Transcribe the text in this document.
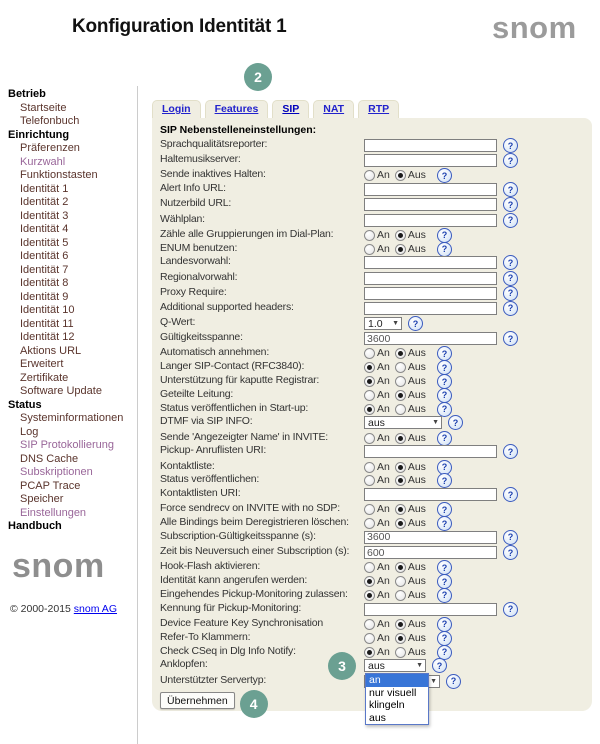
Konfiguration Identität 1	snom
2
Betrieb
Startseite
Telefonbuch
Einrichtung
Präferenzen
Kurzwahl
Funktionstasten
Identität 1
Identität 2
Identität 3
Identität 4
Identität 5
Identität 6
Identität 7
Identität 8
Identität 9
Identität 10
Identität 11
Identität 12
Aktions URL
Erweitert
Zertifikate
Software Update
Status
Systeminformationen
Log
SIP Protokollierung
DNS Cache
Subskriptionen
PCAP Trace
Speicher
Einstellungen
Handbuch
snom
© 2000-2015 snom AG
Login Features SIP NAT RTP
SIP Nebenstelleneinstellungen:
Sprachqualitätsreporter:	?
Haltemusikserver:	?
Sende inaktives Halten:	An Aus	?
Alert Info URL:	?
Nutzerbild URL:	?
Wählplan:	?
Zähle alle Gruppierungen im Dial-Plan:	An Aus	?
ENUM benutzen:	An Aus	?
Landesvorwahl:	?
Regionalvorwahl:	?
Proxy Require:	?
Additional supported headers:	?
Q-Wert:	1.0	▼	?
Gültigkeitsspanne:
3600	?
Automatisch annehmen:	An Aus	?
Langer SIP-Contact (RFC3840):	An Aus	?
Unterstützung für kaputte Registrar:	An Aus	?
Geteilte Leitung:	An Aus	?
Status veröffentlichen in Start-up:	An Aus	?
DTMF via SIP INFO:	aus	▼	?
Sende 'Angezeigter Name' in INVITE:	An Aus	?
Pickup- Anruflisten URI:	?
Kontaktliste:	An Aus	?
Status veröffentlichen:	An Aus	?
Kontaktlisten URI:	?
Force sendrecv on INVITE with no SDP:	An Aus	?
Alle Bindings beim Deregistrieren löschen:	An Aus	?
Subscription-Gültigkeitsspanne (s):
3600	?
Zeit bis Neuversuch einer Subscription (s):
600	?
Hook-Flash aktivieren:	An Aus	?
Identität kann angerufen werden:	An Aus	?
Eingehendes Pickup-Monitoring zulassen:	An Aus	?
Kennung für Pickup-Monitoring:	?
Device Feature Key Synchronisation	An Aus	?
Refer-To Klammern:	An Aus	?
Check CSeq in Dlg Info Notify:	An Aus	?
Anklopfen:	aus	▼
3
an
nur visuell
klingeln
aus
?
Unterstützter Servertyp:	▼	?
Übernehmen	4
